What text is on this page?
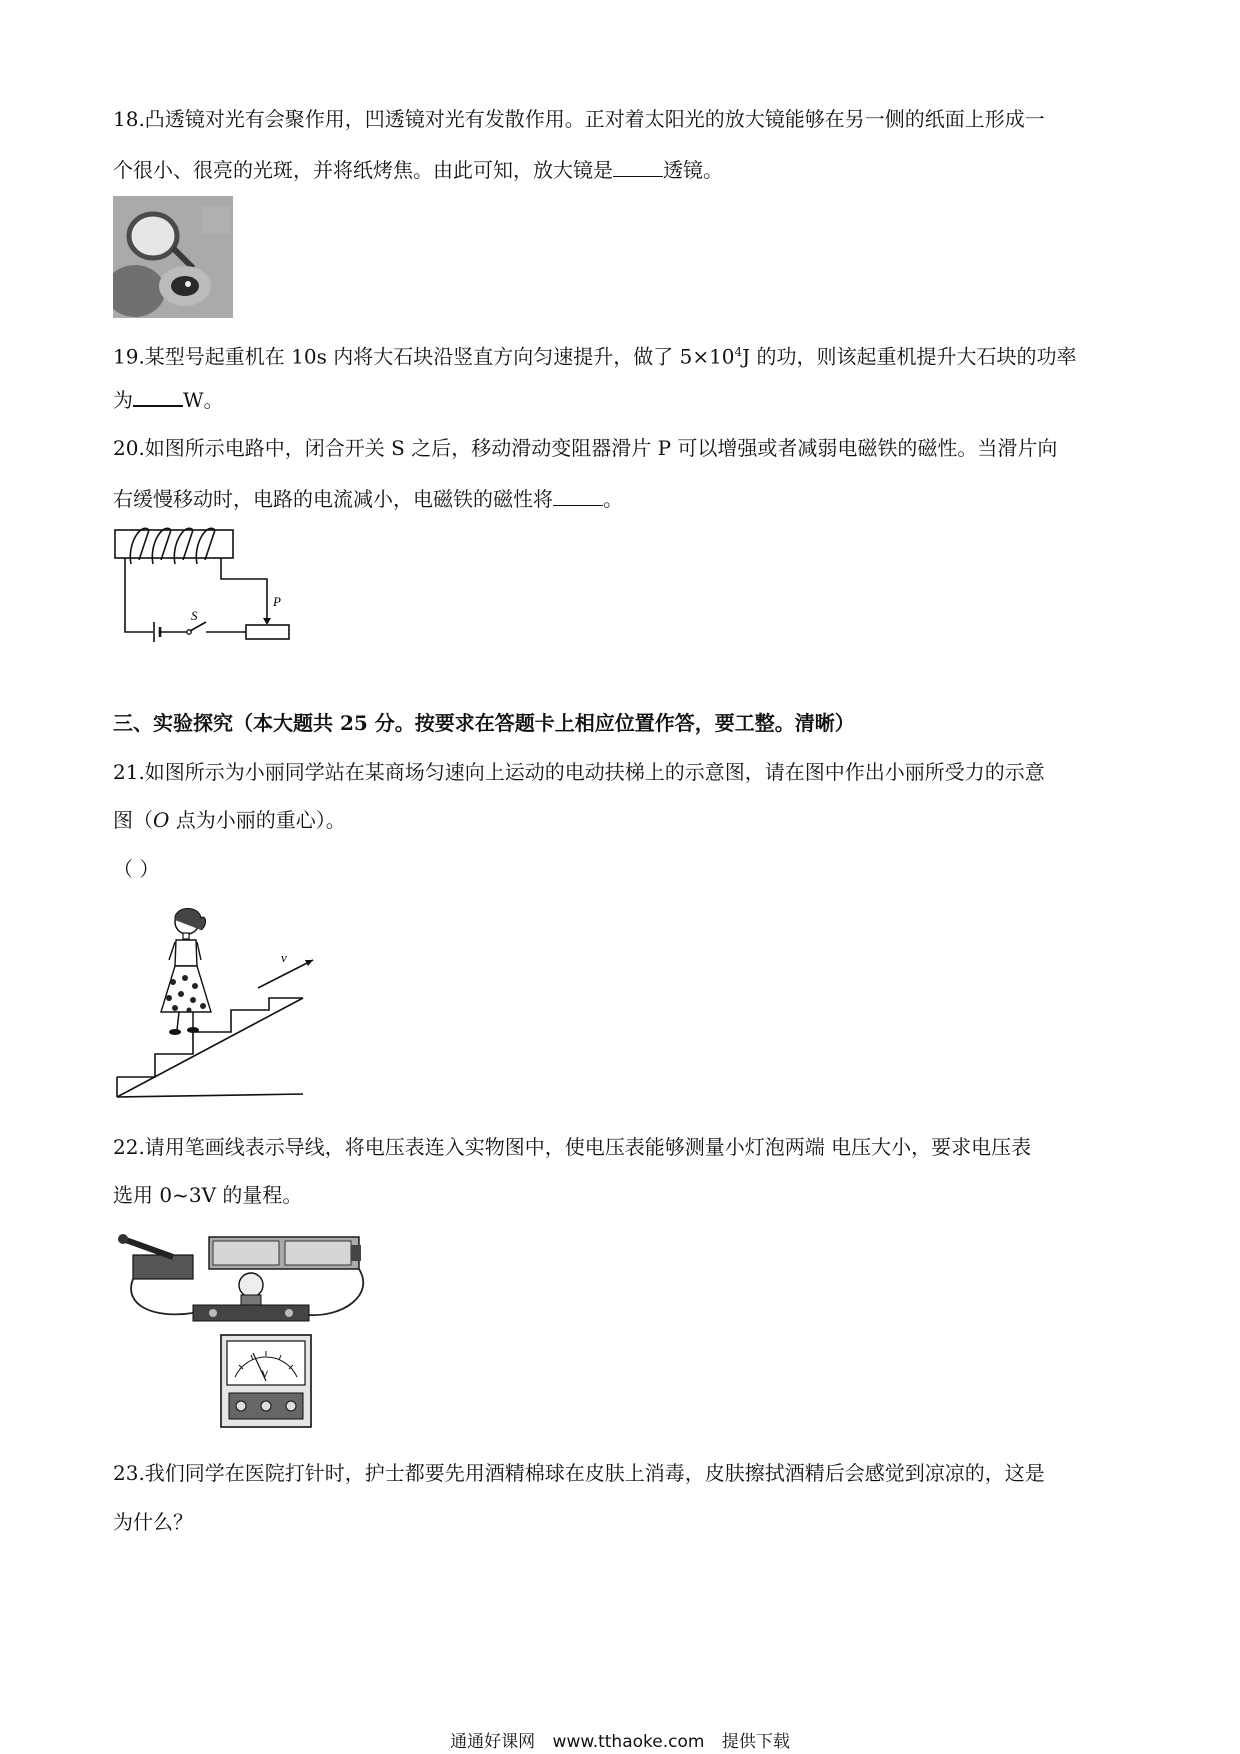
18.凸透镜对光有会聚作用，凹透镜对光有发散作用。正对着太阳光的放大镜能够在另一侧的纸面上形成一
个很小、很亮的光斑，并将纸烤焦。由此可知，放大镜是	透镜。
19.某型号起重机在 10s 内将大石块沿竖直方向匀速提升，做了 $5\times 10^4J$ 的功，则该起重机提升大石块的功率
为	W。
20.如图所示电路中，闭合开关 S 之后，移动滑动变阻器滑片 P 可以增强或者减弱电磁铁的磁性。当滑片向
右缓慢移动时，电路的电流减小，电磁铁的磁性将	。
S
P
三、实验探究（本大题共 25 分。按要求在答题卡上相应位置作答，要工整。清晰）
21.如图所示为小丽同学站在某商场匀速向上运动的电动扶梯上的示意图，请在图中作出小丽所受力的示意
图（O 点为小丽的重心）。
（ ）
v
22.请用笔画线表示导线，将电压表连入实物图中，使电压表能够测量小灯泡两端 电压大小，要求电压表
选用 0~3V 的量程。
V
23.我们同学在医院打针时，护士都要先用酒精棉球在皮肤上消毒，皮肤擦拭酒精后会感觉到凉凉的，这是
为什么？
通通好课网 www.tthaoke.com 提供下载
